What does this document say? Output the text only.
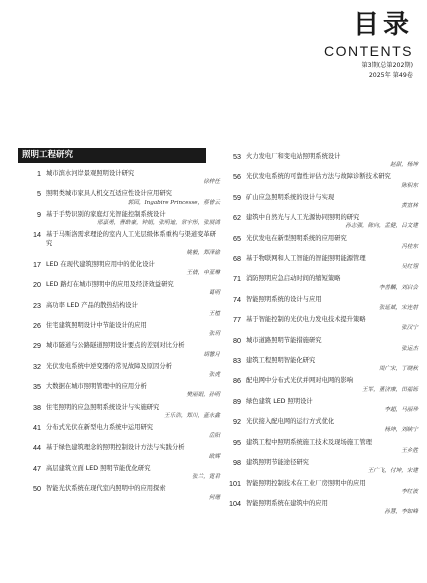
目录
CONTENTS
第3期(总第202期)
2025年 第49卷
照明工程研究
1 城市滨水河岸景观照明设计研究
徐梓任
5 照明类城市家具人机交互适应性设计应用研究
郭园，Ingabire Princesse，蔡曾云
9 基于手势识别的家庭灯光智能控制系统设计
邢嘉勇，曹皓豪，钟娟，张明迪，常宇彤，张展鸿
14 基于马斯洛需求理论的室内人工光层级体系重构与渠道变革研究
姚毅，郑泽渝
17 LED 在现代建筑照明应用中的优化设计
王倩，申亚琳
20 LED 路灯在城市照明中的应用及经济效益研究
葛明
23 高功率 LED 产品的散热结构设计
王植
26 住宅建筑照明设计中节能设计的应用
张玥
29 城市隧道与公路隧道照明设计要点的差别对比分析
胡馨月
32 光伏发电系统中逆变器的常见故障及原因分析
张虎
35 大数据在城市照明管理中的应用分析
樊丽娟，孙明
38 住宅照明的应急照明系统设计与实施研究
王乐浩，郑川，蓝永鑫
41 分布式光伏在新型电力系统中运用研究
岳阳
44 基于绿色建筑理念的照明控制设计方法与实践分析
欧辉
47 高层建筑立面 LED 照明节能优化研究
张兰，霓君
50 智能光伏系统在现代室内照明中的应用探索
何珊
53 火力发电厂和变电站照明系统设计
赵甜，杨坤
56 光伏发电系统的可靠性评估方法与故障诊断技术研究
陈积东
59 矿山应急照明系统的设计与实现
黄富林
62 建筑中自然光与人工光源协同照明的研究
孙志强，陈向，孟健，吕文建
65 光伏发电在新型照明系统的应用研究
冯桂东
68 基于物联网和人工智能的智能照明能源管理
吴红翎
71 消防照明应急启动时间的缩短策略
李善麟，刘启会
74 智能照明系统的设计与应用
张延斌，宋连射
77 基于智能控制的光伏电力发电技术提升策略
张汉宁
80 城市道路照明节能措施研究
张运杰
83 建筑工程照明智能化研究
周广宋，丁晓秋
86 配电网中分布式光伏并网对电网的影响
王军，董济康，田福铄
89 绿色建筑 LED 照明设计
李超，马丽珍
92 光伏接入配电网的运行方式优化
杨坤，刘峡宁
95 建筑工程中照明系统施工技术及现场施工管理
王乡胜
98 建筑照明节能途径研究
王广飞，付坤，宋建
101 智能照明控制技术在工业厂房照明中的应用
李红波
104 智能照明系统在建筑中的应用
孙慧，李如峰
